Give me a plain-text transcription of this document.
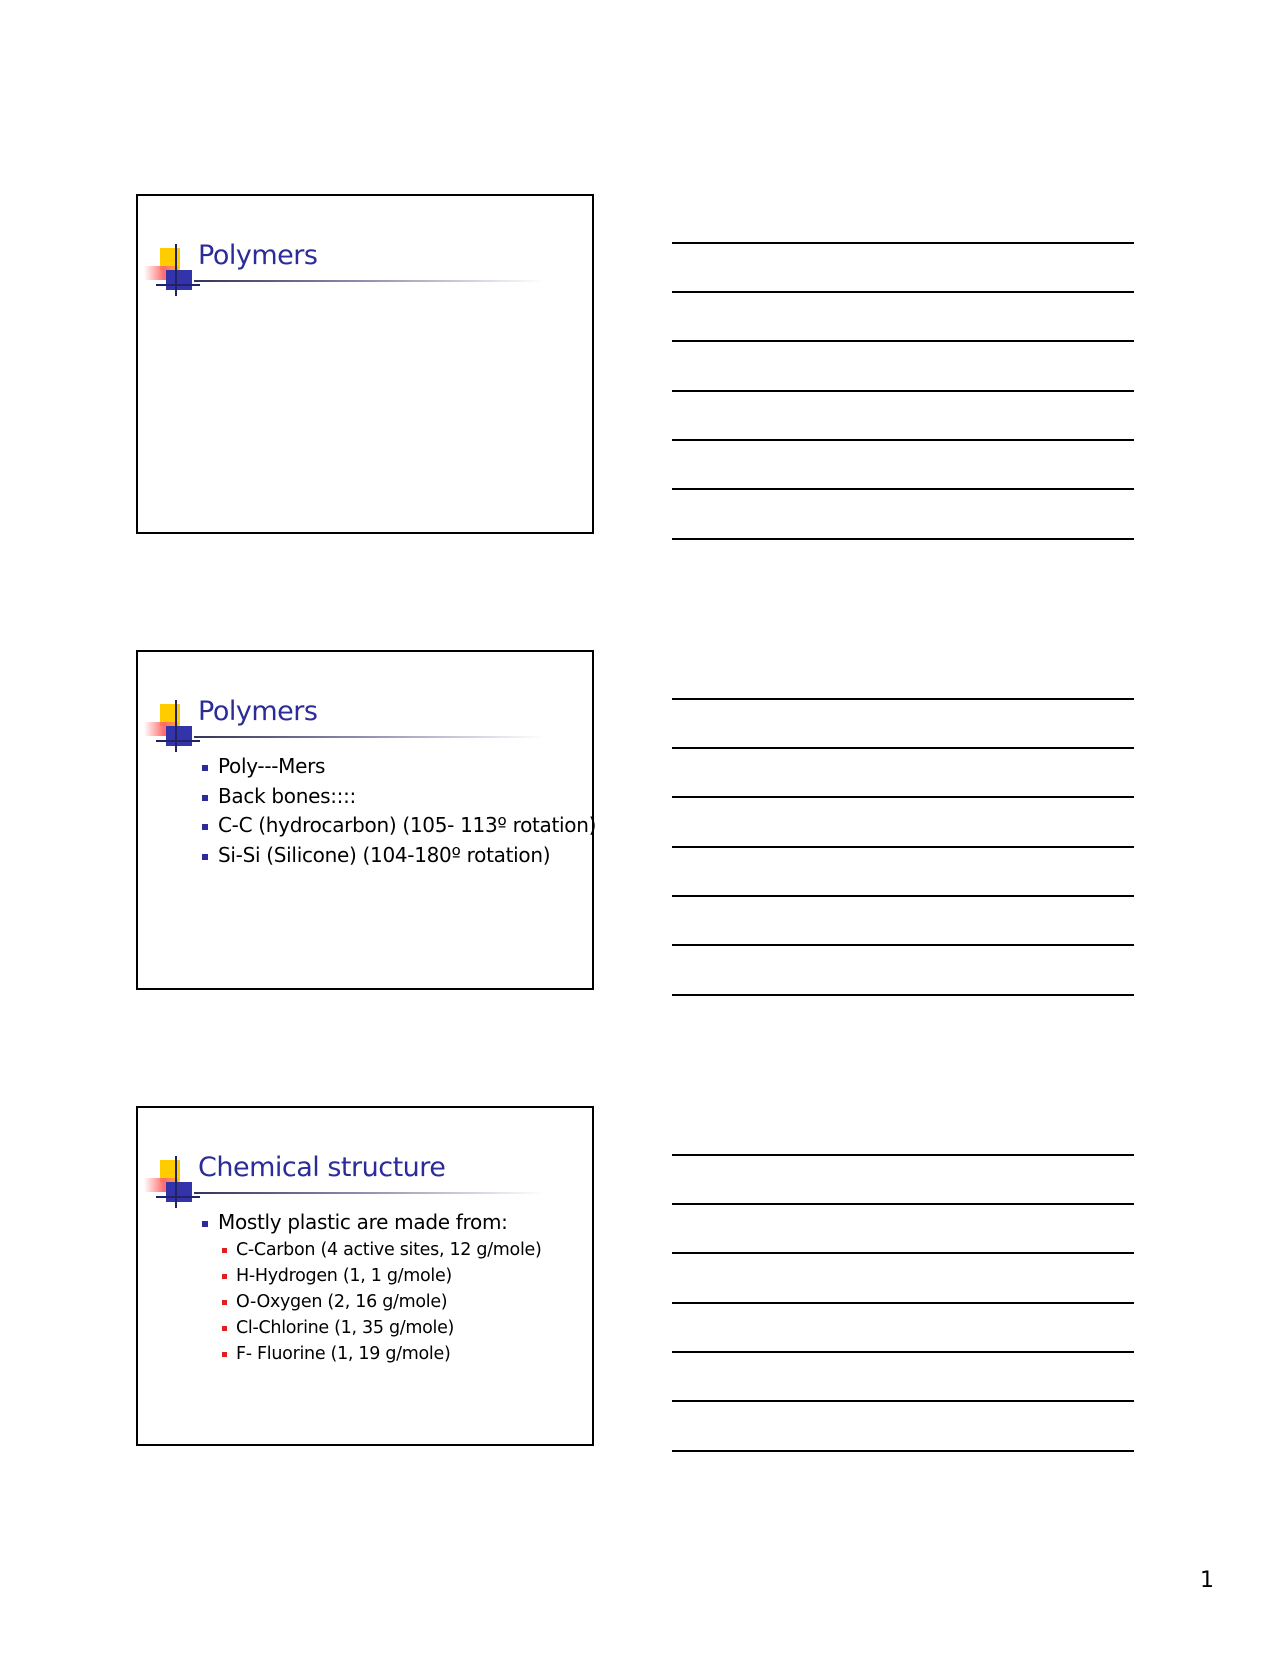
Polymers
Polymers
Poly---Mers
Back bones::::
C-C (hydrocarbon) (105- 113º rotation)
Si-Si (Silicone) (104-180º rotation)
Chemical structure
Mostly plastic are made from:
C-Carbon (4 active sites, 12 g/mole)
H-Hydrogen (1, 1 g/mole)
O-Oxygen (2, 16 g/mole)
Cl-Chlorine (1, 35 g/mole)
F- Fluorine (1, 19 g/mole)
1
